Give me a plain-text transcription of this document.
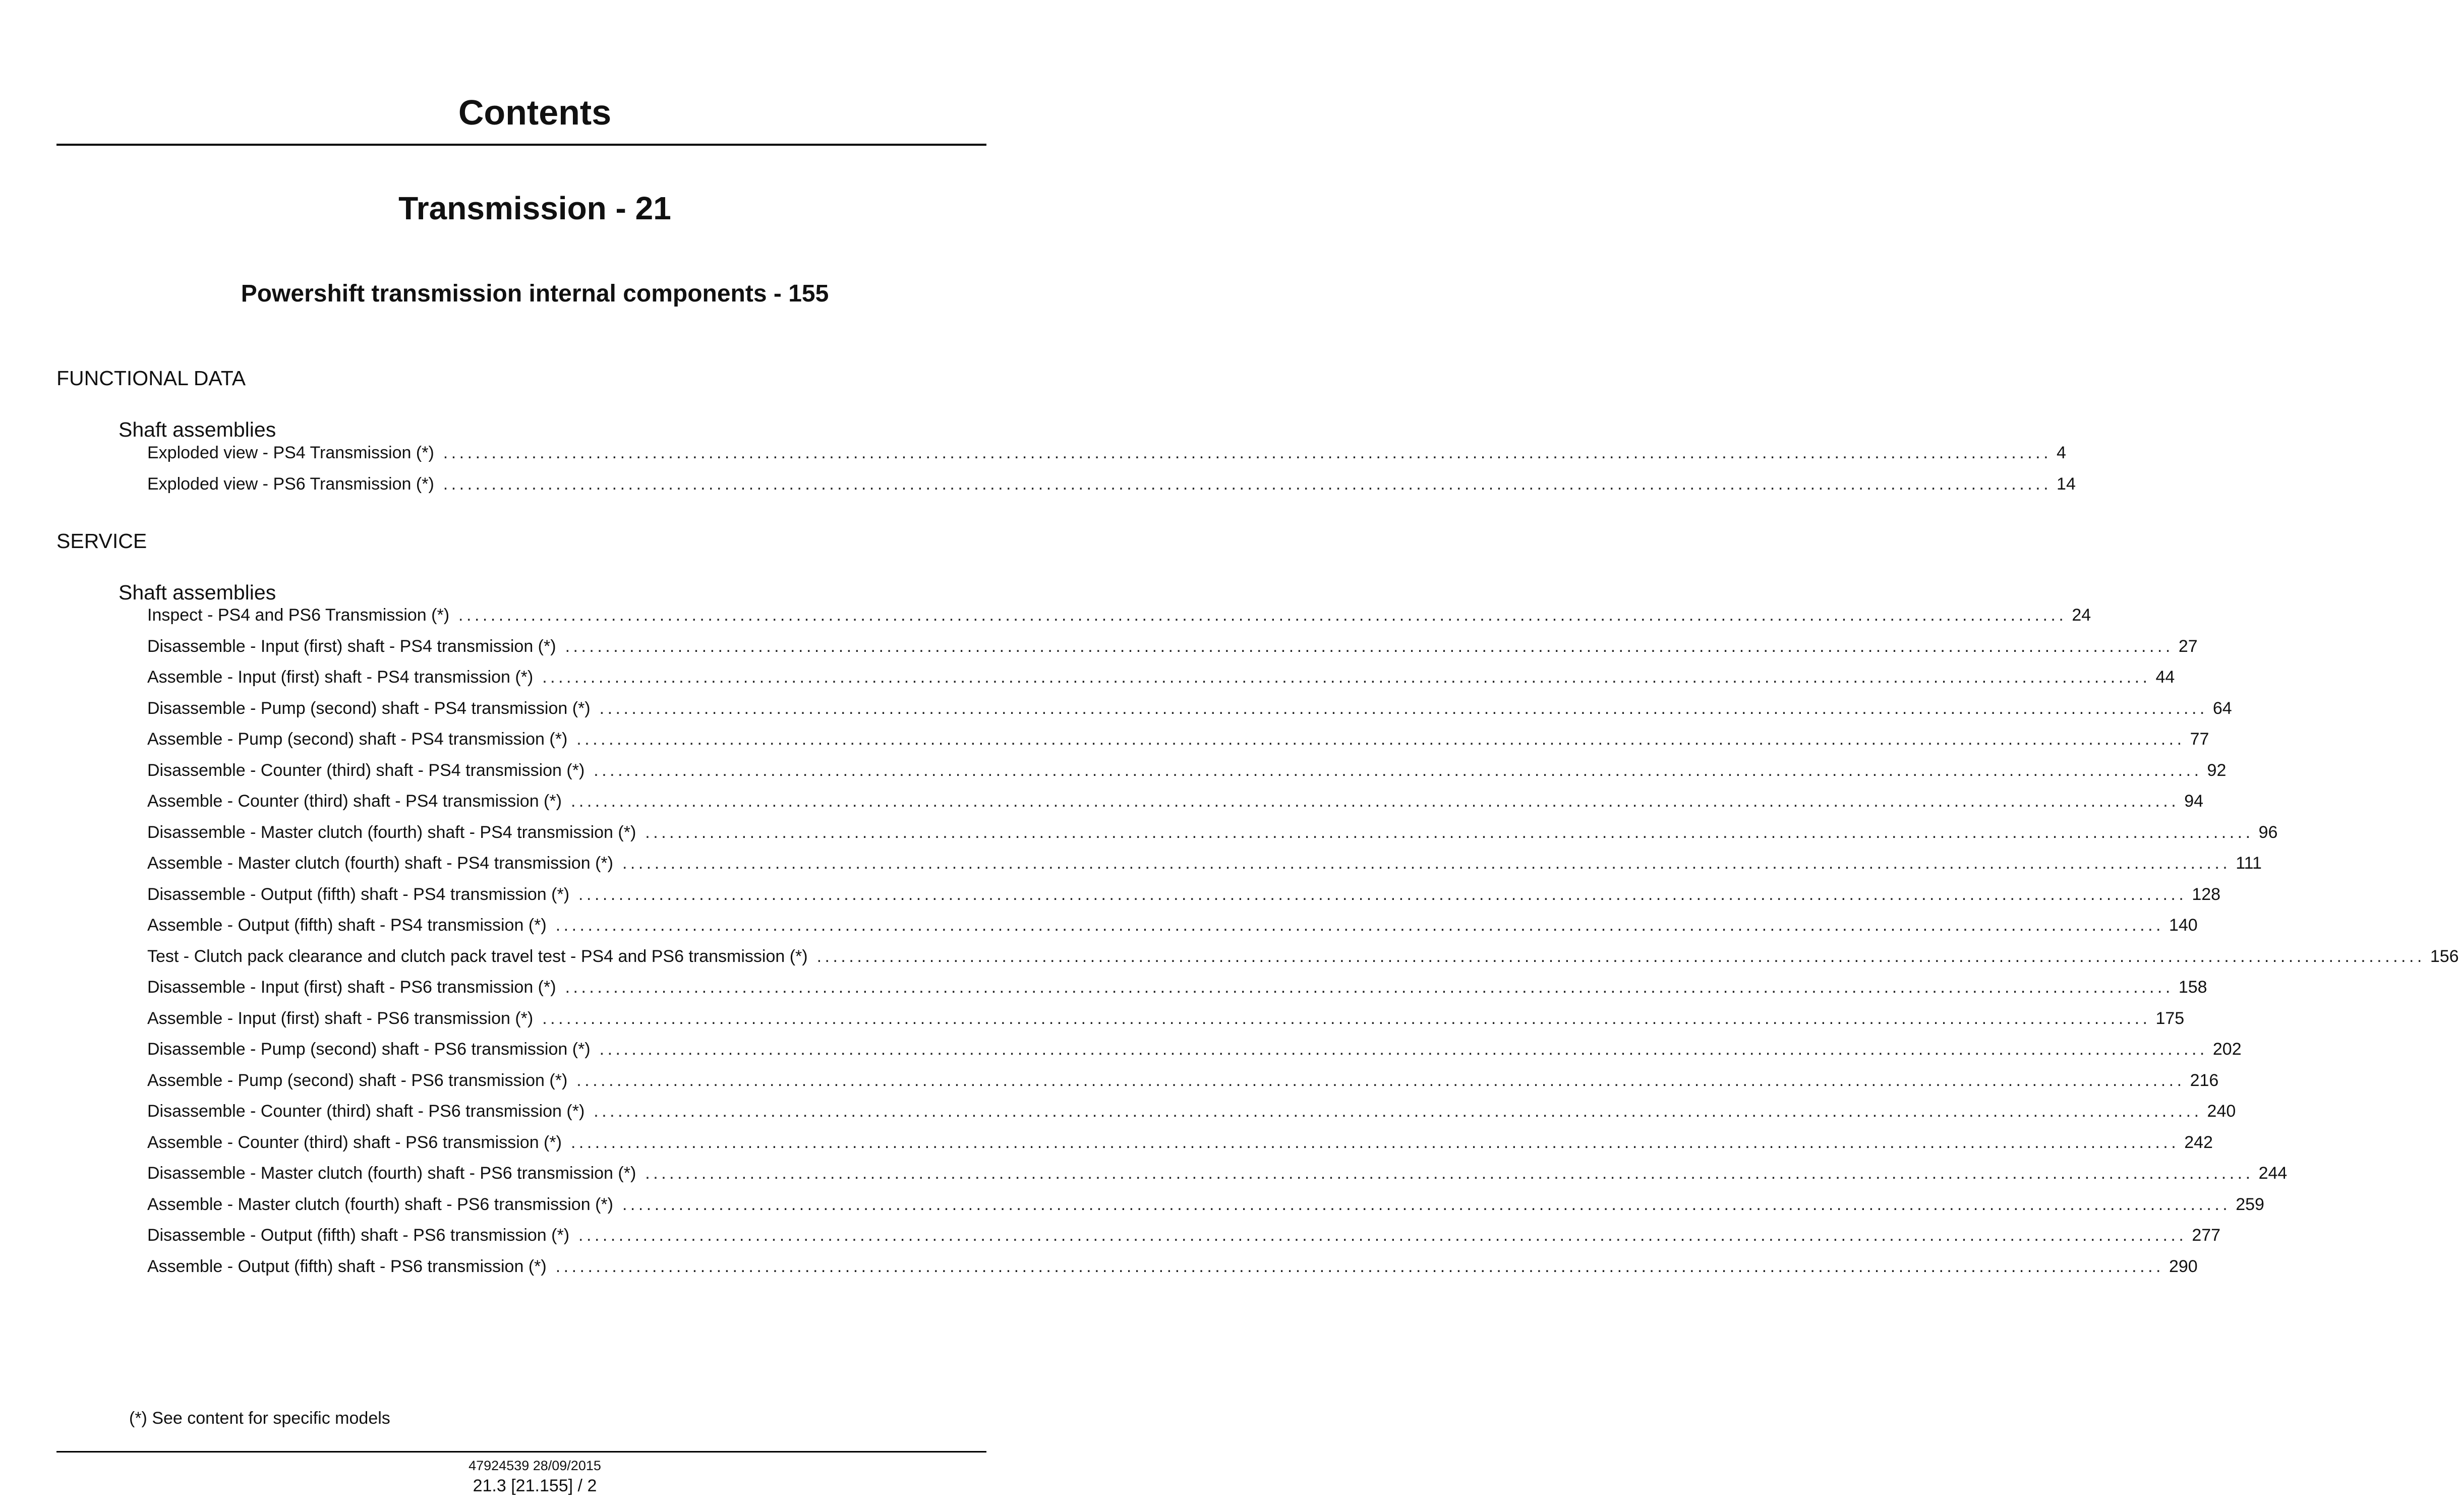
Contents
Transmission - 21
Powershift transmission internal components - 155
FUNCTIONAL DATA
Shaft assemblies
Exploded view - PS4 Transmission (*) ........................................................................................................................................................................................................ 4
Exploded view - PS6 Transmission (*) ........................................................................................................................................................................................................ 14
SERVICE
Shaft assemblies
Inspect - PS4 and PS6 Transmission (*) ........................................................................................................................................................................................................ 24
Disassemble - Input (first) shaft - PS4 transmission (*) ........................................................................................................................................................................................................ 27
Assemble - Input (first) shaft - PS4 transmission (*) ........................................................................................................................................................................................................ 44
Disassemble - Pump (second) shaft - PS4 transmission (*) ........................................................................................................................................................................................................ 64
Assemble - Pump (second) shaft - PS4 transmission (*) ........................................................................................................................................................................................................ 77
Disassemble - Counter (third) shaft - PS4 transmission (*) ........................................................................................................................................................................................................ 92
Assemble - Counter (third) shaft - PS4 transmission (*) ........................................................................................................................................................................................................ 94
Disassemble - Master clutch (fourth) shaft - PS4 transmission (*) ........................................................................................................................................................................................................ 96
Assemble - Master clutch (fourth) shaft - PS4 transmission (*) ........................................................................................................................................................................................................ 111
Disassemble - Output (fifth) shaft - PS4 transmission (*) ........................................................................................................................................................................................................ 128
Assemble - Output (fifth) shaft - PS4 transmission (*) ........................................................................................................................................................................................................ 140
Test - Clutch pack clearance and clutch pack travel test - PS4 and PS6 transmission (*) ........................................................................................................................................................................................................ 156
Disassemble - Input (first) shaft - PS6 transmission (*) ........................................................................................................................................................................................................ 158
Assemble - Input (first) shaft - PS6 transmission (*) ........................................................................................................................................................................................................ 175
Disassemble - Pump (second) shaft - PS6 transmission (*) ........................................................................................................................................................................................................ 202
Assemble - Pump (second) shaft - PS6 transmission (*) ........................................................................................................................................................................................................ 216
Disassemble - Counter (third) shaft - PS6 transmission (*) ........................................................................................................................................................................................................ 240
Assemble - Counter (third) shaft - PS6 transmission (*) ........................................................................................................................................................................................................ 242
Disassemble - Master clutch (fourth) shaft - PS6 transmission (*) ........................................................................................................................................................................................................ 244
Assemble - Master clutch (fourth) shaft - PS6 transmission (*) ........................................................................................................................................................................................................ 259
Disassemble - Output (fifth) shaft - PS6 transmission (*) ........................................................................................................................................................................................................ 277
Assemble - Output (fifth) shaft - PS6 transmission (*) ........................................................................................................................................................................................................ 290
(*) See content for specific models
47924539 28/09/2015
21.3 [21.155] / 2
